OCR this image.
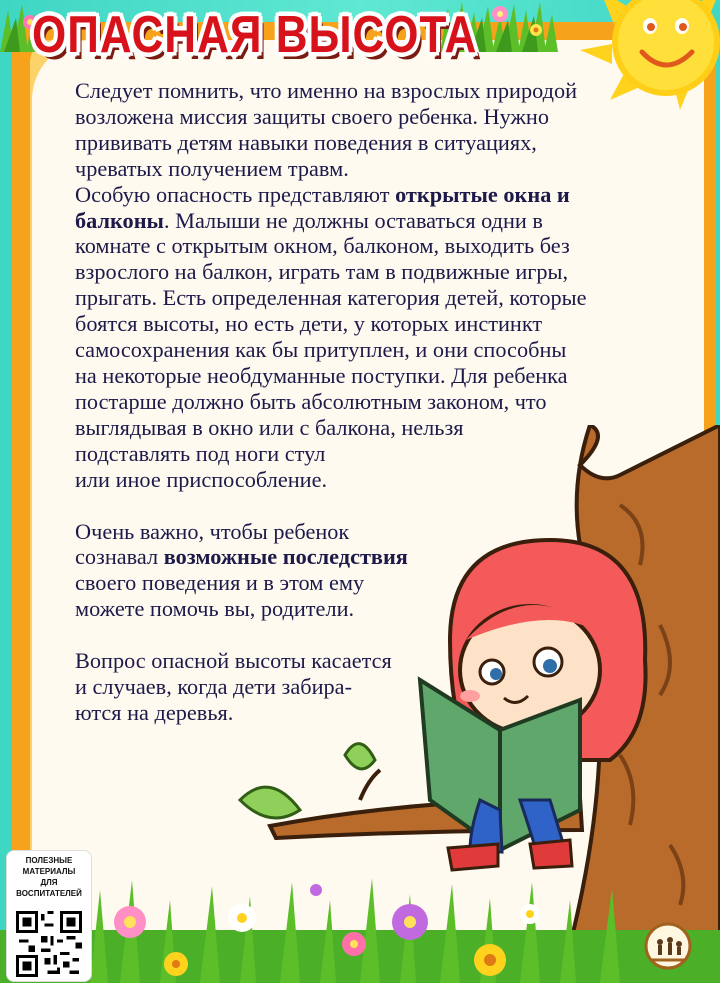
ОПАСНАЯ ВЫСОТА

Следует помнить, что именно на взрослых природой
возложена миссия защиты своего ребенка. Нужно
прививать детям навыки поведения в ситуациях,
чреватых получением травм.

Особую опасность представляют открытые окна и
балконы. Малыши не должны оставаться одни в
комнате с открытым окном, балконом, выходить без
взрослого на балкон, играть там в подвижные игры,
прыгать. Есть определенная категория детей, которые
боятся высоты, но есть дети, у которых инстинкт
самосохранения как бы притуплен, и они способны
на некоторые необдуманные поступки. Для ребенка
постарше должно быть абсолютным законом, что
выглядывая в окно или с балкона, нельзя
подставлять под ноги стул
или иное приспособление.

Очень важно, чтобы ребенок
сознавал возможные последствия
своего поведения и в этом ему
можете помочь вы, родители.

Вопрос опасной высоты касается
и случаев, когда дети забира-
ются на деревья.

ПОЛЕЗНЫЕ
МАТЕРИАЛЫ
ДЛЯ
ВОСПИТАТЕЛЕЙ
